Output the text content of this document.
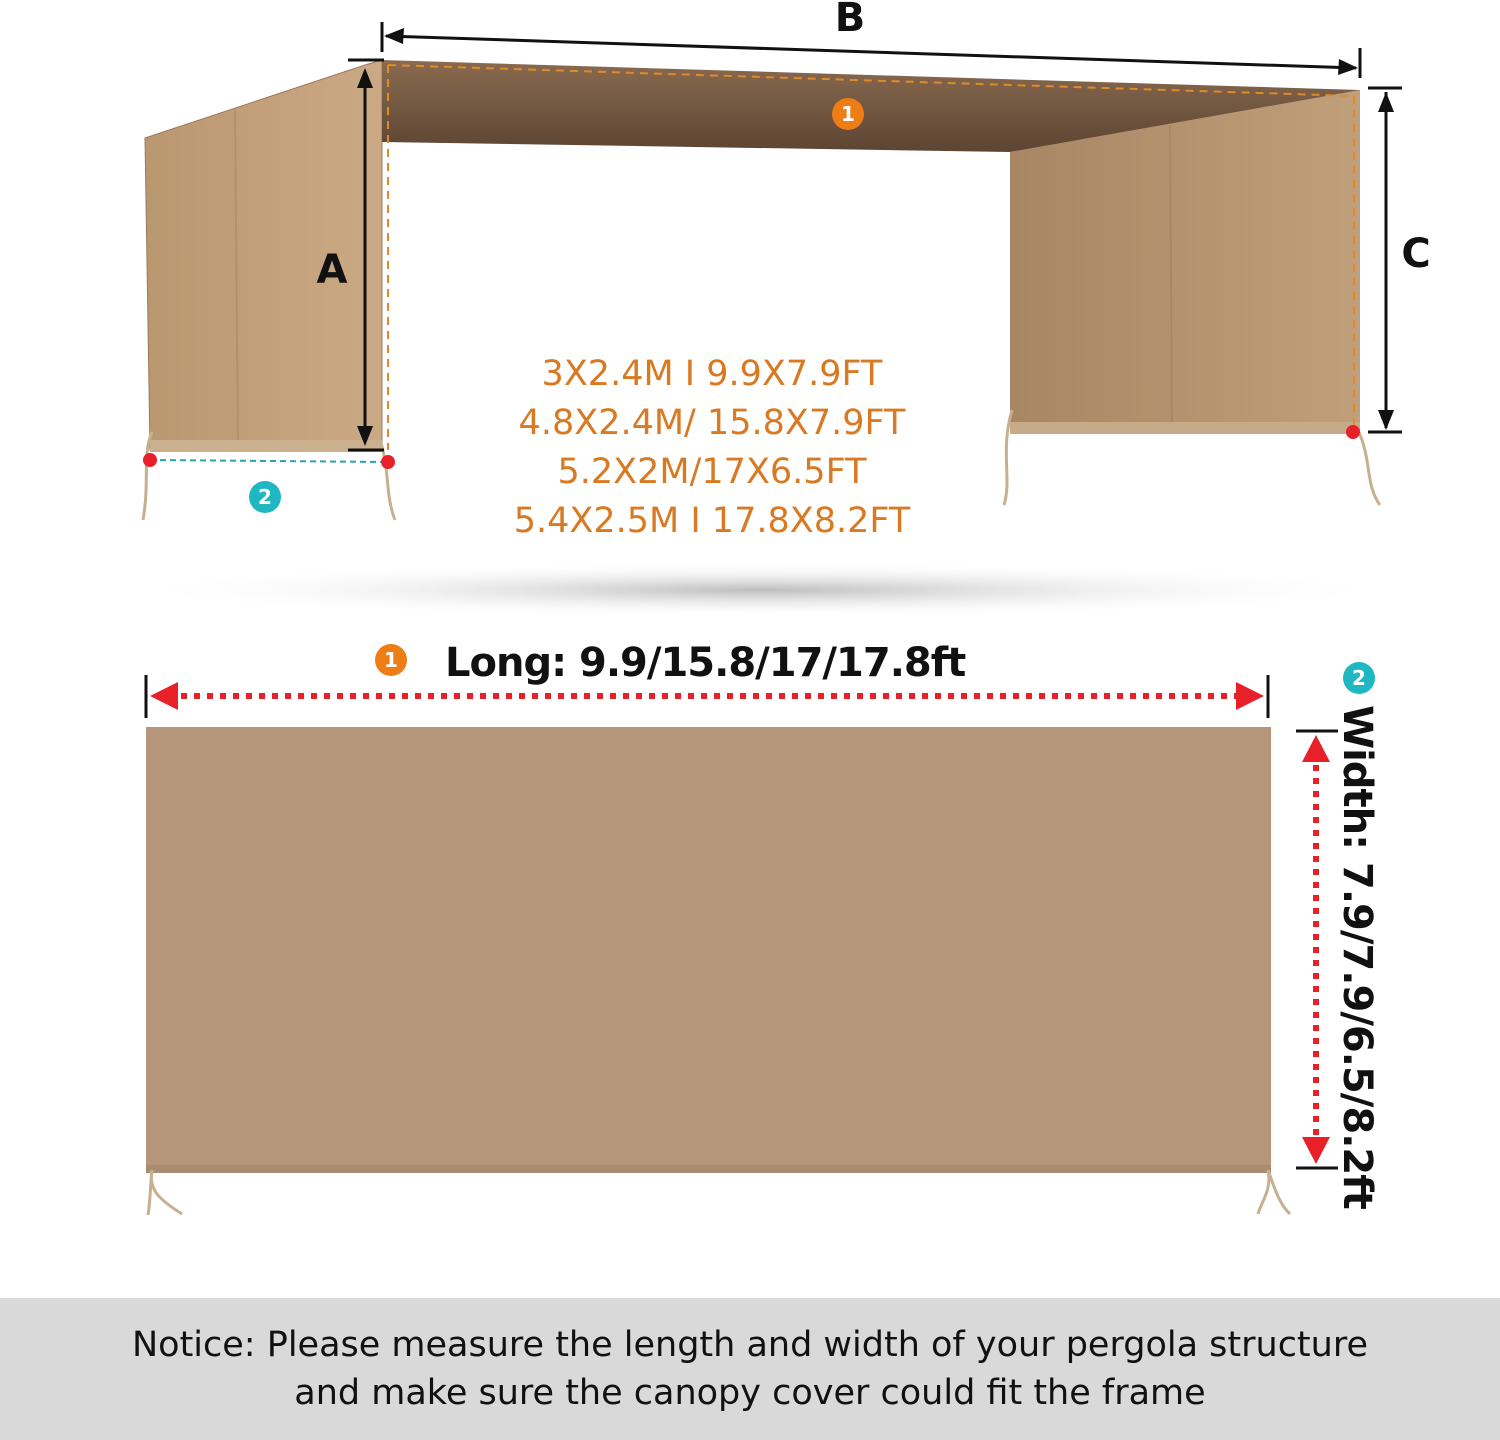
B
A	C
1
2
1
2
3X2.4M I 9.9X7.9FT
4.8X2.4M/ 15.8X7.9FT
5.2X2M/17X6.5FT
5.4X2.5M I 17.8X8.2FT
Long: 9.9/15.8/17/17.8ft
Width: 7.9/7.9/6.5/8.2ft
Notice: Please measure the length and width of your pergola structure
and make sure the canopy cover could fit the frame
